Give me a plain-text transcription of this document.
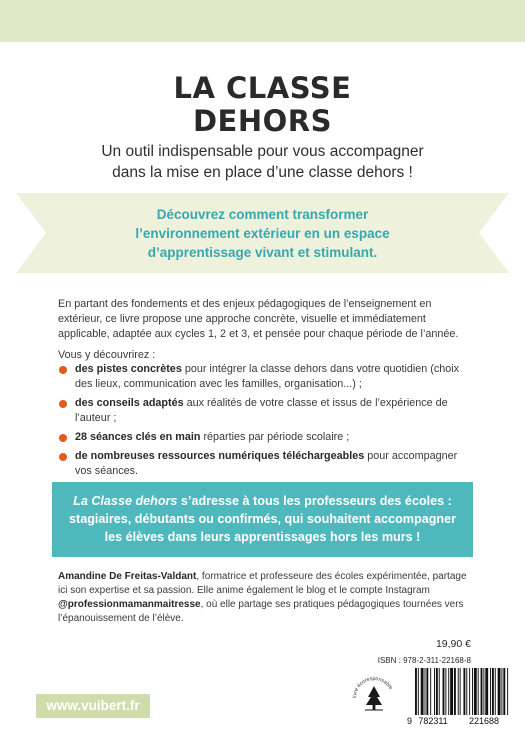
LA CLASSE
DEHORS
Un outil indispensable pour vous accompagner
dans la mise en place d’une classe dehors !
Découvrez comment transformer
l’environnement extérieur en un espace
d’apprentissage vivant et stimulant.
En partant des fondements et des enjeux pédagogiques de l’enseignement en extérieur, ce livre propose une approche concrète, visuelle et immédiatement applicable, adaptée aux cycles 1, 2 et 3, et pensée pour chaque période de l’année.
Vous y découvrirez :
des pistes concrètes pour intégrer la classe dehors dans votre quotidien (choix des lieux, communication avec les familles, organisation...) ;
des conseils adaptés aux réalités de votre classe et issus de l’expérience de l’auteur ;
28 séances clés en main réparties par période scolaire ;
de nombreuses ressources numériques téléchargeables pour accompagner vos séances.
La Classe dehors s’adresse à tous les professeurs des écoles :
stagiaires, débutants ou confirmés, qui souhaitent accompagner
les élèves dans leurs apprentissages hors les murs !
Amandine De Freitas-Valdant, formatrice et professeure des écoles expérimentée, partage ici son expertise et sa passion. Elle anime également le blog et le compte Instagram @professionmamanmaitresse, où elle partage ses pratiques pédagogiques tournées vers l’épanouissement de l’élève.
19,90 €
ISBN : 978-2-311-22168-8
www.vuibert.fr
livre écoresponsable
9 782311 221688
